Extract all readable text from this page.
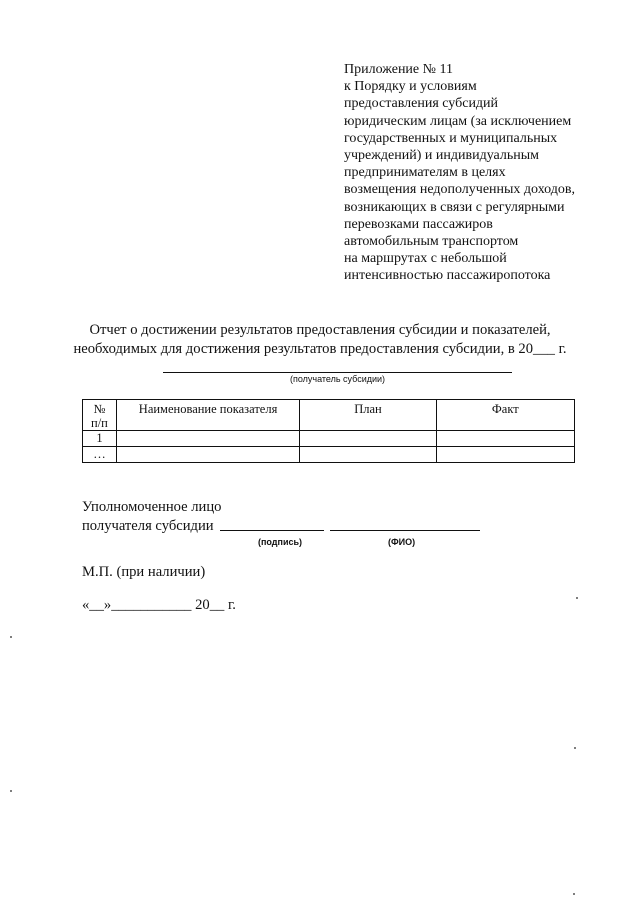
Приложение № 11
к Порядку и условиям
предоставления субсидий
юридическим лицам (за исключением
государственных и муниципальных
учреждений) и индивидуальным
предпринимателям в целях
возмещения недополученных доходов,
возникающих в связи с регулярными
перевозками пассажиров
автомобильным транспортом
на маршрутах с небольшой
интенсивностью пассажиропотока
Отчет о достижении результатов предоставления субсидии и показателей,
необходимых для достижения результатов предоставления субсидии, в 20___ г.
(получатель субсидии)
№
п/п	Наименование показателя	План	Факт
1			
…			
Уполномоченное лицо
получателя субсидии
(подпись)	(ФИО)
М.П. (при наличии)
«__»___________ 20__ г.
